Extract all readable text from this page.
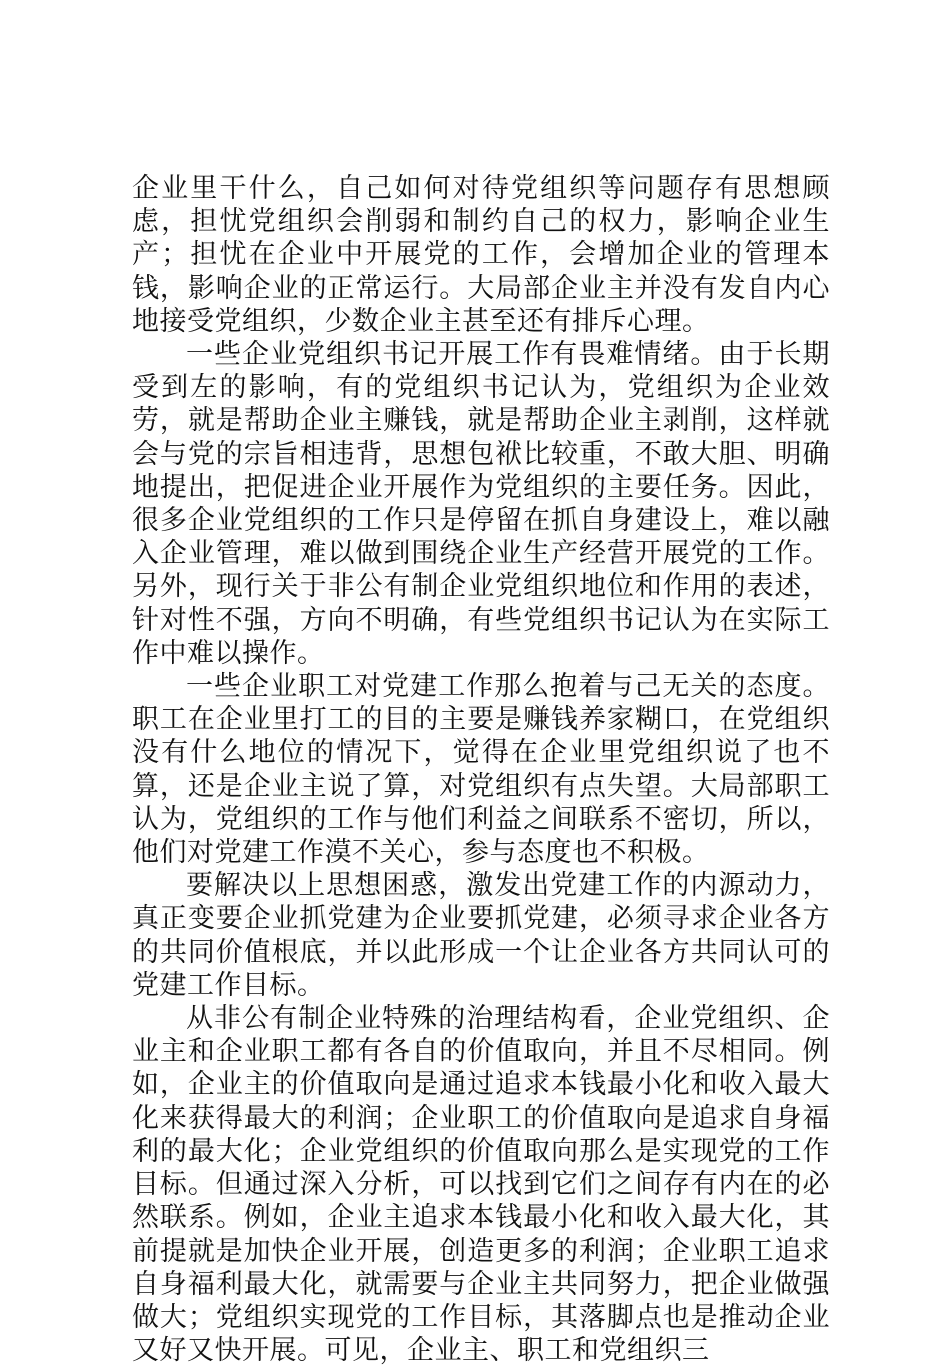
企业里干什么，自己如何对待党组织等问题存有思想顾虑，担忧党组织会削弱和制约自己的权力，影响企业生产；担忧在企业中开展党的工作，会增加企业的管理本钱，影响企业的正常运行。大局部企业主并没有发自内心地接受党组织，少数企业主甚至还有排斥心理。

一些企业党组织书记开展工作有畏难情绪。由于长期受到左的影响，有的党组织书记认为，党组织为企业效劳，就是帮助企业主赚钱，就是帮助企业主剥削，这样就会与党的宗旨相违背，思想包袱比较重，不敢大胆、明确地提出，把促进企业开展作为党组织的主要任务。因此，很多企业党组织的工作只是停留在抓自身建设上，难以融入企业管理，难以做到围绕企业生产经营开展党的工作。另外，现行关于非公有制企业党组织地位和作用的表述，针对性不强，方向不明确，有些党组织书记认为在实际工作中难以操作。

一些企业职工对党建工作那么抱着与己无关的态度。职工在企业里打工的目的主要是赚钱养家糊口，在党组织没有什么地位的情况下，觉得在企业里党组织说了也不算，还是企业主说了算，对党组织有点失望。大局部职工认为，党组织的工作与他们利益之间联系不密切，所以，他们对党建工作漠不关心，参与态度也不积极。

要解决以上思想困惑，激发出党建工作的内源动力，真正变要企业抓党建为企业要抓党建，必须寻求企业各方的共同价值根底，并以此形成一个让企业各方共同认可的党建工作目标。

从非公有制企业特殊的治理结构看，企业党组织、企业主和企业职工都有各自的价值取向，并且不尽相同。例如，企业主的价值取向是通过追求本钱最小化和收入最大化来获得最大的利润；企业职工的价值取向是追求自身福利的最大化；企业党组织的价值取向那么是实现党的工作目标。但通过深入分析，可以找到它们之间存有内在的必然联系。例如，企业主追求本钱最小化和收入最大化，其前提就是加快企业开展，创造更多的利润；企业职工追求自身福利最大化，就需要与企业主共同努力，把企业做强做大；党组织实现党的工作目标，其落脚点也是推动企业又好又快开展。可见，企业主、职工和党组织三
